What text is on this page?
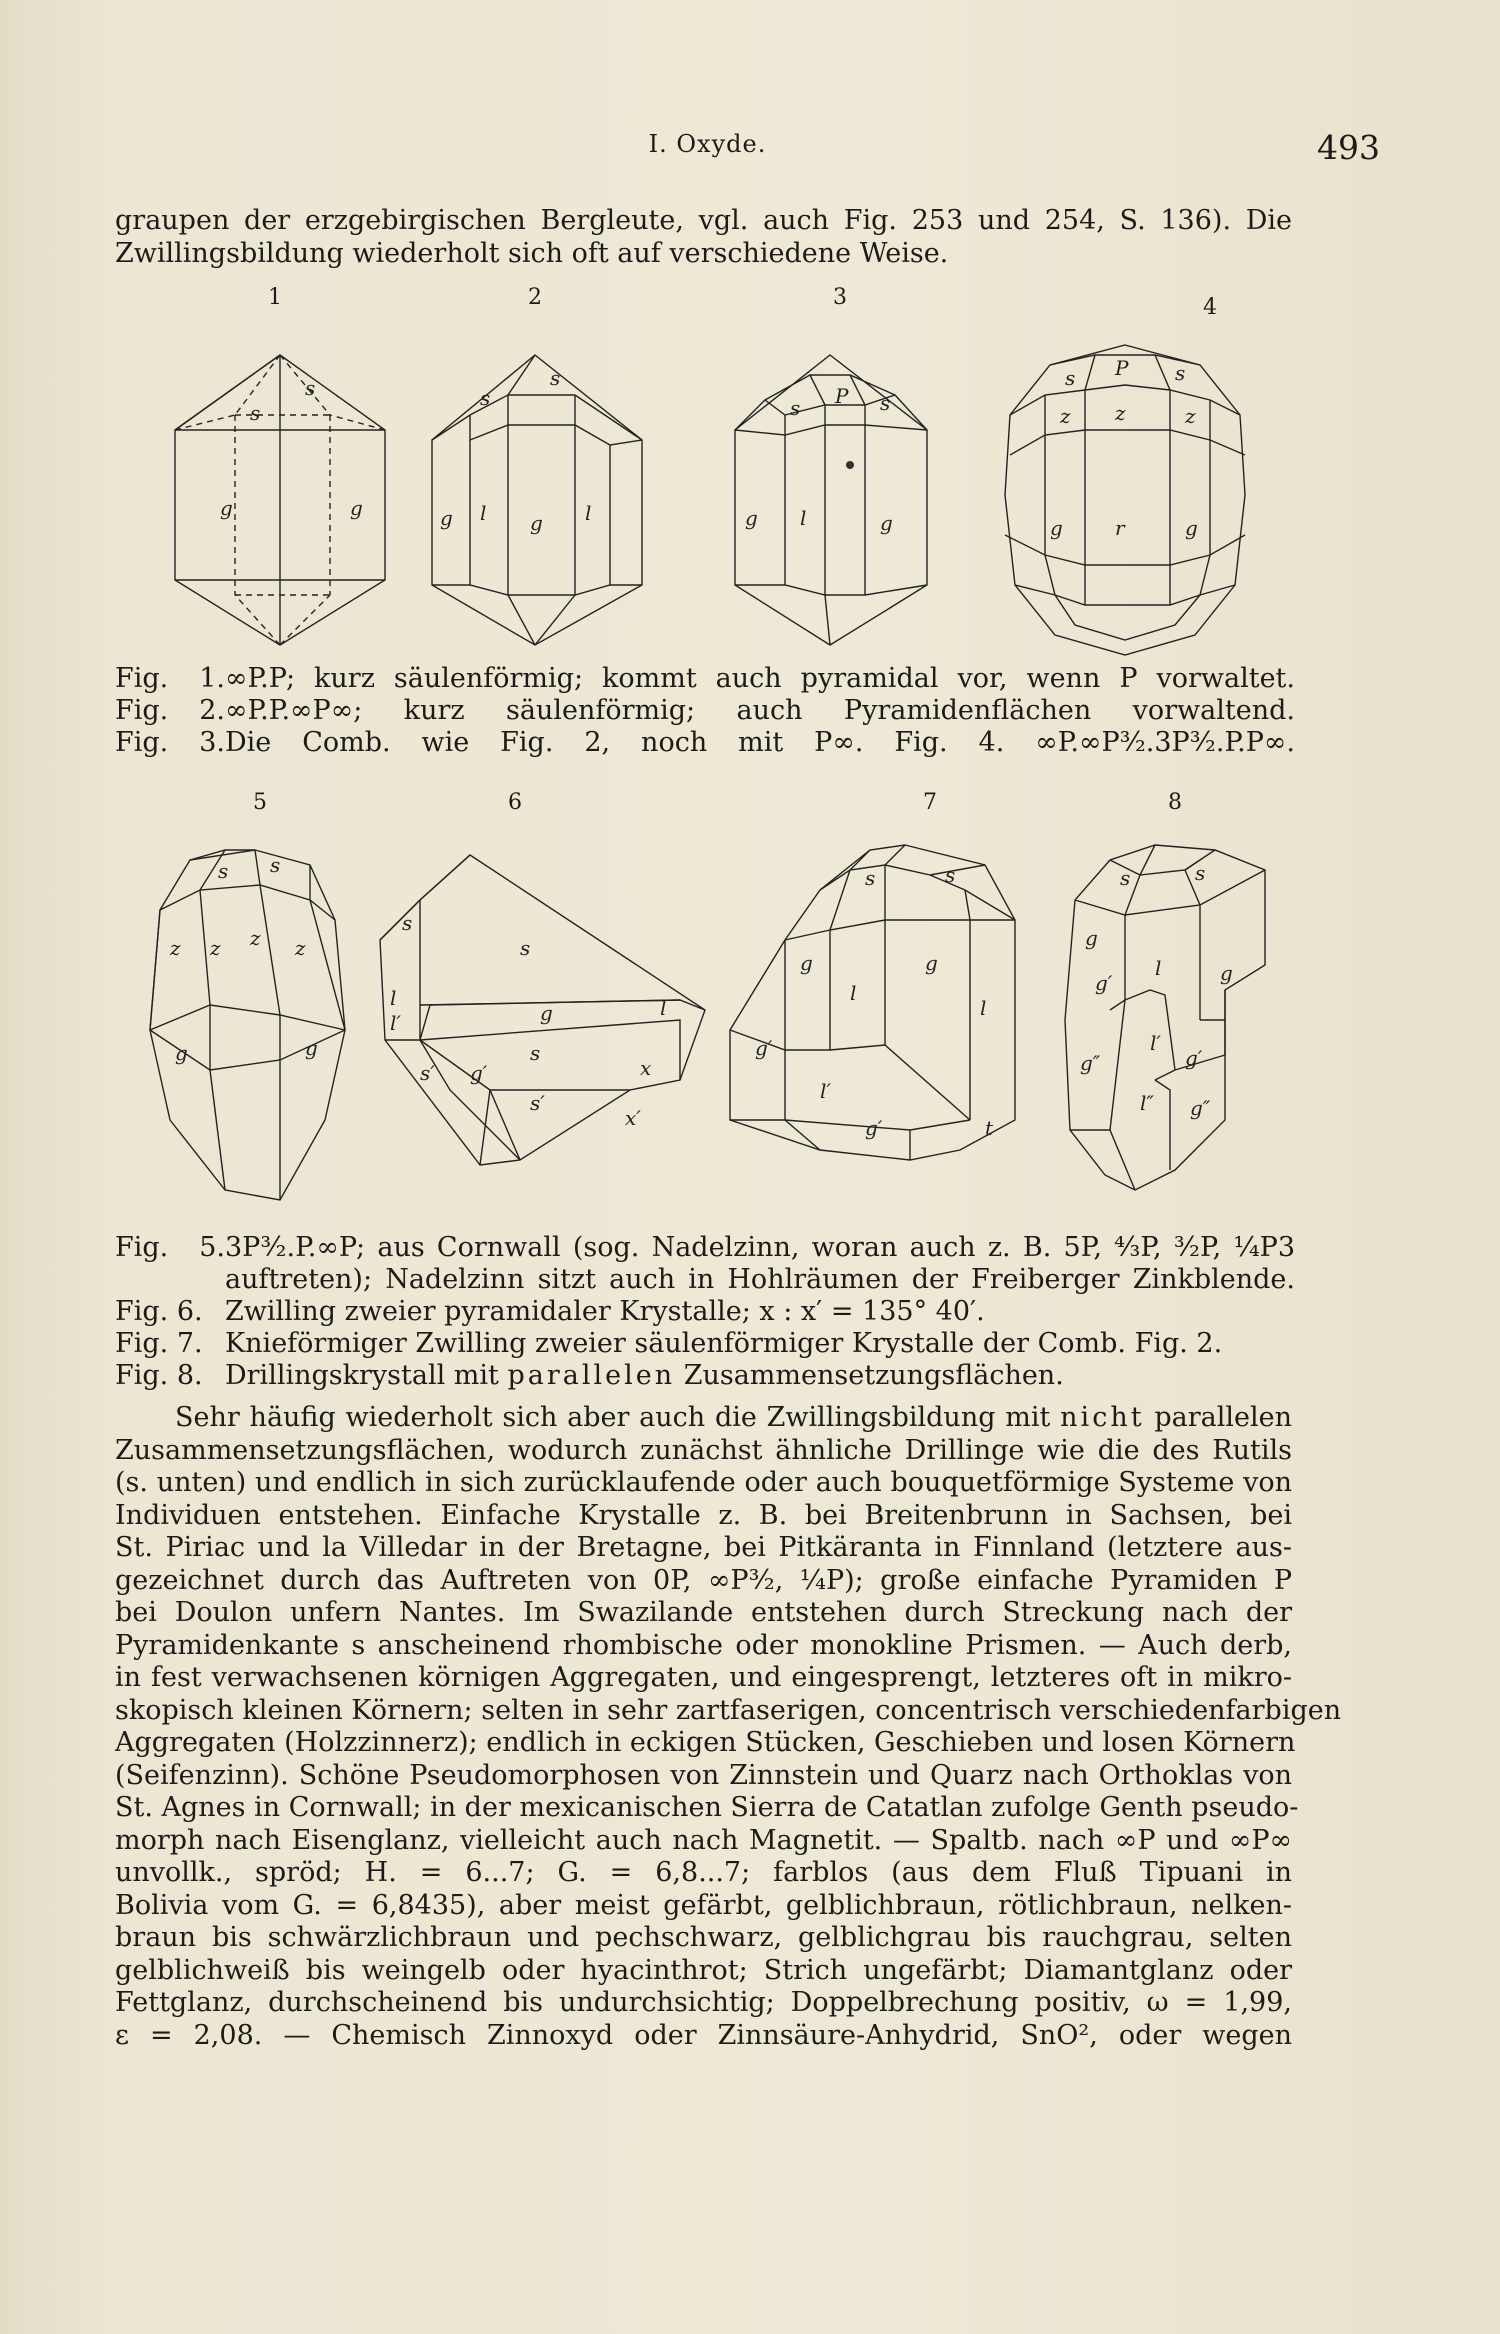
I. Oxyde.	493

graupen der erzgebirgischen Bergleute, vgl. auch Fig. 253 und 254, S. 136). Die

Zwillingsbildung wiederholt sich oft auf verschiedene Weise.

1
s
s
g	g
2
s
s
g l g l
3
P
s	s
g l	g
4
P
s	s
z z	z
g	r	g
Fig. 1.∞P.P; kurz säulenförmig; kommt auch pyramidal vor, wenn P vorwaltet.
Fig. 2.∞P.P.∞P∞; kurz säulenförmig; auch Pyramidenflächen vorwaltend.
Fig. 3.Die Comb. wie Fig. 2, noch mit P∞. Fig. 4. ∞P.∞P³⁄₂.3P³⁄₂.P.P∞.
5
s s
z z z z
g	g
6
s
s
l
l′	g	l
s
s′ g′
s′
x
x′
7
s	s
g	g
l
l
g′
l′
g′	t
8
s	s
g
l	g
g′
l′
g′
g″
l″ g″
Fig. 5.3P³⁄₂.P.∞P; aus Cornwall (sog. Nadelzinn, woran auch z. B. 5P, ⁴⁄₃P, ³⁄₂P, ¼P3
auftreten); Nadelzinn sitzt auch in Hohlräumen der Freiberger Zinkblende.
Fig. 6. Zwilling zweier pyramidaler Krystalle; x : x′ = 135° 40′.
Fig. 7. Knieförmiger Zwilling zweier säulenförmiger Krystalle der Comb. Fig. 2.
Fig. 8. Drillingskrystall mit parallelen Zusammensetzungsflächen.

Sehr häufig wiederholt sich aber auch die Zwillingsbildung mit nicht parallelen

Zusammensetzungsflächen, wodurch zunächst ähnliche Drillinge wie die des Rutils

(s. unten) und endlich in sich zurücklaufende oder auch bouquetförmige Systeme von

Individuen entstehen. Einfache Krystalle z. B. bei Breitenbrunn in Sachsen, bei

St. Piriac und la Villedar in der Bretagne, bei Pitkäranta in Finnland (letztere aus-

gezeichnet durch das Auftreten von 0P, ∞P³⁄₂, ¼P); große einfache Pyramiden P

bei Doulon unfern Nantes. Im Swazilande entstehen durch Streckung nach der

Pyramidenkante s anscheinend rhombische oder monokline Prismen. — Auch derb,

in fest verwachsenen körnigen Aggregaten, und eingesprengt, letzteres oft in mikro-

skopisch kleinen Körnern; selten in sehr zartfaserigen, concentrisch verschiedenfarbigen

Aggregaten (Holzzinnerz); endlich in eckigen Stücken, Geschieben und losen Körnern

(Seifenzinn). Schöne Pseudomorphosen von Zinnstein und Quarz nach Orthoklas von

St. Agnes in Cornwall; in der mexicanischen Sierra de Catatlan zufolge Genth pseudo-

morph nach Eisenglanz, vielleicht auch nach Magnetit. — Spaltb. nach ∞P und ∞P∞

unvollk., spröd; H. = 6...7; G. = 6,8...7; farblos (aus dem Fluß Tipuani in

Bolivia vom G. = 6,8435), aber meist gefärbt, gelblichbraun, rötlichbraun, nelken-

braun bis schwärzlichbraun und pechschwarz, gelblichgrau bis rauchgrau, selten

gelblichweiß bis weingelb oder hyacinthrot; Strich ungefärbt; Diamantglanz oder

Fettglanz, durchscheinend bis undurchsichtig; Doppelbrechung positiv, ω = 1,99,

ε = 2,08. — Chemisch Zinnoxyd oder Zinnsäure-Anhydrid, SnO², oder wegen
